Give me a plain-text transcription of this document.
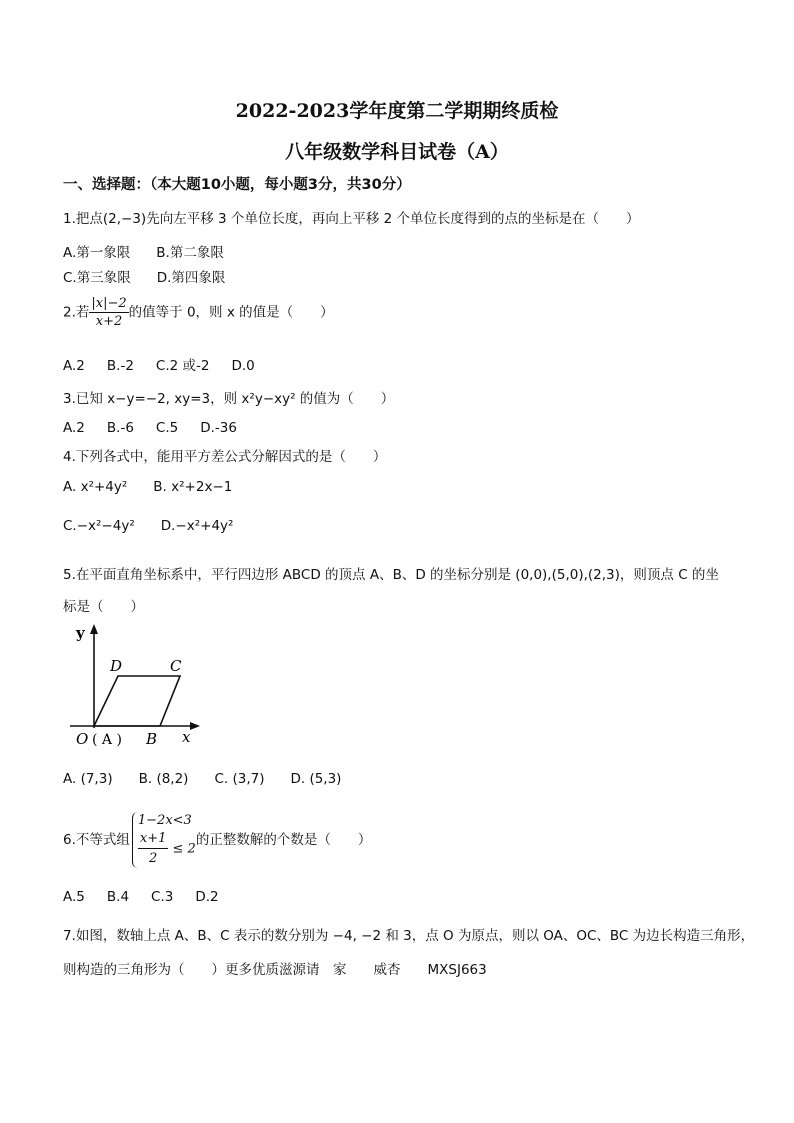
2022-2023学年度第二学期期终质检
八年级数学科目试卷（A）
一、选择题：（本大题10小题，每小题3分，共30分）
1.把点(2,−3)先向左平移 3 个单位长度，再向上平移 2 个单位长度得到的点的坐标是在（　　）
A.第一象限 B.第二象限
C.第三象限 D.第四象限
2.若 $\frac{|x|-2}{x+2}$ 的值等于 0，则 x 的值是（　　）
A.2 B.-2 C.2 或-2 D.0
3.已知 x−y=−2, xy=3，则 x²y−xy² 的值为（　　）
A.2 B.-6 C.5 D.-36
4.下列各式中，能用平方差公式分解因式的是（　　）
A. x²+4y² B. x²+2x−1
C.−x²−4y² D.−x²+4y²
5.在平面直角坐标系中，平行四边形 ABCD 的顶点 A、B、D 的坐标分别是 (0,0),(5,0),(2,3)，则顶点 C 的坐
标是（　　）
y
x
D	C
O ( A ) B
A. (7,3) B. (8,2) C. (3,7) D. (5,3)
6.不等式组
1−2x<3
$\frac{x+1}{2} \le 2$
的正整数解的个数是（　　）
A.5 B.4 C.3 D.2
7.如图，数轴上点 A、B、C 表示的数分别为 −4, −2 和 3，点 O 为原点，则以 OA、OC、BC 为边长构造三角形，
则构造的三角形为（　　）更多优质滋源请　家　　威杏　　MXSJ663
